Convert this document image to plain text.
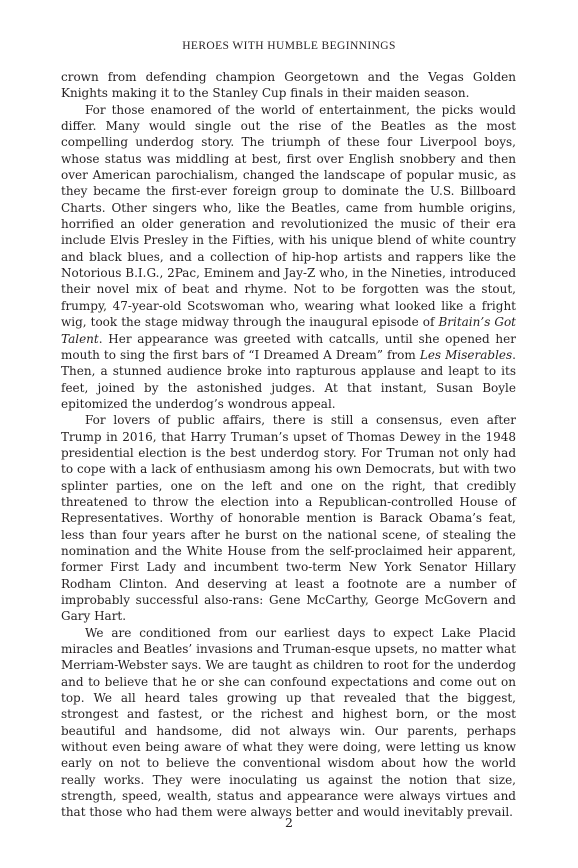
HEROES WITH HUMBLE BEGINNINGS

crown from defending champion Georgetown and the Vegas Golden Knights making it to the Stanley Cup finals in their maiden season.

For those enamored of the world of entertainment, the picks would differ. Many would single out the rise of the Beatles as the most compelling underdog story. The triumph of these four Liverpool boys, whose status was middling at best, first over English snobbery and then over American parochialism, changed the landscape of popular music, as they became the first-ever foreign group to dominate the U.S. Billboard Charts. Other singers who, like the Beatles, came from humble origins, horrified an older generation and revolutionized the music of their era include Elvis Presley in the Fifties, with his unique blend of white country and black blues, and a collection of hip-hop artists and rappers like the Notorious B.I.G., 2Pac, Eminem and Jay-Z who, in the Nineties, introduced their novel mix of beat and rhyme. Not to be forgotten was the stout, frumpy, 47-year-old Scotswoman who, wearing what looked like a fright wig, took the stage midway through the inaugural episode of Britain’s Got Talent. Her appearance was greeted with catcalls, until she opened her mouth to sing the first bars of “I Dreamed A Dream” from Les Miserables. Then, a stunned audience broke into rapturous applause and leapt to its feet, joined by the astonished judges. At that instant, Susan Boyle epitomized the underdog’s wondrous appeal.

For lovers of public affairs, there is still a consensus, even after Trump in 2016, that Harry Truman’s upset of Thomas Dewey in the 1948 presidential election is the best underdog story. For Truman not only had to cope with a lack of enthusiasm among his own Democrats, but with two splinter parties, one on the left and one on the right, that credibly threatened to throw the election into a Republican-controlled House of Representatives. Worthy of honorable mention is Barack Obama’s feat, less than four years after he burst on the national scene, of stealing the nomination and the White House from the self-proclaimed heir apparent, former First Lady and incumbent two-term New York Senator Hillary Rodham Clinton. And deserving at least a footnote are a number of improbably successful also-rans: Gene McCarthy, George McGovern and Gary Hart.

We are conditioned from our earliest days to expect Lake Placid miracles and Beatles’ invasions and Truman-esque upsets, no matter what Merriam-Webster says. We are taught as children to root for the underdog and to believe that he or she can confound expectations and come out on top. We all heard tales growing up that revealed that the biggest, strongest and fastest, or the richest and highest born, or the most beautiful and handsome, did not always win. Our parents, perhaps without even being aware of what they were doing, were letting us know early on not to believe the conventional wisdom about how the world really works. They were inoculating us against the notion that size, strength, speed, wealth, status and appearance were always virtues and that those who had them were always better and would inevitably prevail.

2
